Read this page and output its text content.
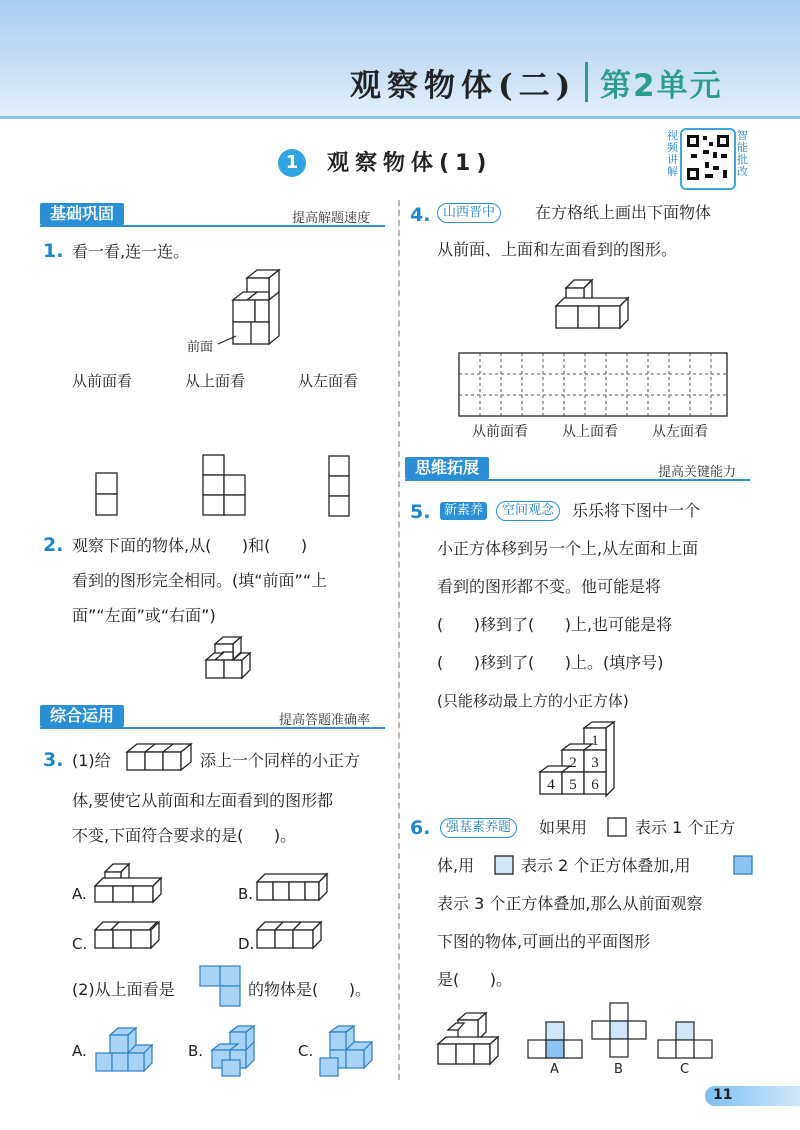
观察物体(二) 第2单元
1	观察物体(1)
视频讲解
智能批改
基础巩固	提高解题速度
1. 看一看,连一连。
前面
从前面看	从上面看	从左面看
2. 观察下面的物体,从(      )和(      )
看到的图形完全相同。(填“前面”“上
面”“左面”或“右面”)
综合运用	提高答题准确率
3. (1)给	添上一个同样的小正方
体,要使它从前面和左面看到的图形都
不变,下面符合要求的是(      )。
A.	B.
C.	D.
(2)从上面看是	的物体是(      )。
A.	B.	C.
4. 山西晋中	在方格纸上画出下面物体
从前面、上面和左面看到的图形。
从前面看 从上面看 从左面看
思维拓展	提高关键能力
5.	新素养	空间观念	乐乐将下图中一个
小正方体移到另一个上,从左面和上面
看到的图形都不变。他可能是将
(      )移到了(      )上,也可能是将
(      )移到了(      )上。(填序号)
(只能移动最上方的小正方体)
1
2 3
4 5 6
6.	强基素养题	如果用	表示 1 个正方
体,用	表示 2 个正方体叠加,用
表示 3 个正方体叠加,那么从前面观察
下图的物体,可画出的平面图形
是(      )。
A	B	C
11
